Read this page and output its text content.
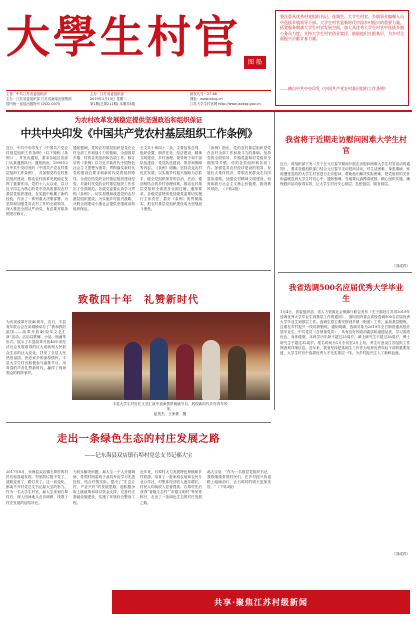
大學生村官	图 船
要注重从优秀村党组织书记、选调生、大学生村官、乡镇事业编制人员中选拔乡镇领导干部。大学生村官是新时代中国乡村振兴的重要力量。拓宽服务期满大学生村官发展空间，加大从优秀大学生村官中选拔乡镇公务员力度，支持大学生村官创业富民，鼓励他们扎根基层，为乡村全面振兴贡献青春力量。
——摘自中共中央印发《中国共产党农村基层组织工作条例》
主管：中共江苏省委组织部
主办：江苏省委组织部 江苏省新闻出版集团
国内统一连续出版物号 CN32-0070
主办：江苏省委组织部
2019年1月15日 星期二
第1期(总第211期) 本期共4版
邮发代号：27-68
网址：www.xdcg.cn
江苏大学生村官网 http://www.jsdxsg.gov.cn
为农村改革发展稳定提供坚强政治和组织保证
中共中央印发《中国共产党农村基层组织工作条例》
近日，中共中央印发了《中国共产党农村基层组织工作条例》（以下简称《条例》），并发出通知，要求各地区各部门认真遵照执行。通知指出，1999年2月中共中央印发的《中国共产党农村基层组织工作条例》，对加强党的农村基层组织建设、推动农村改革发展稳定发挥了重要作用。党的十八大以来，以习近平同志为核心的党中央高度重视农村基层党组织建设，在实践中积累了新的经验，作出了一系列重大决策部署。为坚持和加强党对农村工作的全面领导，深入推进全面从严治党，有必要对原条例进行修订。
通知强调，党的农村基层组织是党在农村全部工作和战斗力的基础，全面领导乡镇、村的各类组织和各项工作。修订后的《条例》以习近平新时代中国特色社会主义思想为指导，贯彻落实新时代党的建设总要求和新时代党的组织路线，全面总结党的农村基层组织建设经验，对新时代党的农村基层组织工作作出了全面规范。各级党委要认真学习贯彻《条例》，切实加强和改进党的农村基层组织建设，为实施乡村振兴战略、决胜全面建成小康社会提供坚强政治和组织保证。
全文共十章四十二条，主要包括总则、组织设置、职责任务、经济建设、精神文明建设、乡村治理、领导班子和干部队伍建设、党员队伍建设、领导和保障等内容。《条例》明确，坚持农业农村优先发展，以实施乡村振兴战略为总抓手，健全党组织领导的自治、法治、德治相结合的乡村治理体系，推动农村基层党组织全面进步全面过硬。通知要求，各级党委特别是县级党委要切实履行主体责任，抓好《条例》的贯彻落实，把农村基层党组织建设成为坚强战斗堡垒。
《条例》指出，党的农村基层组织是党在农村全部工作和战斗力的基础。坚持党的全面领导，乡镇党委和村党组织全面领导乡镇、村的各类组织和各项工作。加强党对农村经济建设的领导，发展壮大集体经济，带领农民群众走共同富裕道路。加强农村精神文明建设，培育和践行社会主义核心价值观，推进移风易俗。（下转2版）
我省将于近期走访慰问困难大学生村官
近日，省组织部下发《关于在元旦春节期间开展走访慰问困难大学生村官活动的通知》，要求各级组织部门结合元旦春节走访慰问活动，对生活困难、身患重病、家庭遭受变故的大学生村官进行走访慰问，帮助他们解决实际困难，把党组织的关怀和温暖送到大学生村官心中。通知强调，各地要认真摸清底数，精心组织实施，确保慰问活动取得实效，让大学生村官安心基层、扎根基层、服务基层。
（刘成祥）
致敬四十年　礼赞新时代
为庆祝改革开放40周年，近日，丰县青年联合会在凤城镇举办了“我和我的祖国——改革开放40周年文艺汇演”活动。活动以歌舞、小品、朗诵等形式，展示了丰县改革开放40年来经济社会发展取得的巨大成就和人民群众生活的巨大变化，抒发了全县人民热爱祖国、热爱家乡的深厚情怀。丰县大学生村官积极参与编排节目，用青春的声音礼赞新时代，赢得了现场观众的阵阵掌声。
丰县大学生村官在文艺汇演中表演情景朗诵节目，展现新时代乡村青年风采。
赵英杰　王家豪　摄
我省选调500名应届优秀大学毕业生
1月4日，省委组织部、省人力资源社会保障厅联合发布《关于做好江苏省2019年选调优秀大学毕业生到基层工作的通知》，面向国内重点高校选调500名应届优秀大学毕业生到基层工作。选调生将主要安排到乡镇（街道）工作，参加基层锻炼，注重在乡村振兴一线培养锻炼。通知明确，选调对象为2019年全日制普通高校应届毕业生，中共党员（含预备党员），具有良好的政治素质和道德品质，学习成绩优良，身体健康，本科学历年龄不超过25周岁，硕士研究生不超过28周岁，博士研究生不超过32周岁。报名时间为1月中旬至2月上旬，考生可登录江苏组织工作网查询详细信息。近年来，我省坚持把选调生工作作为培养优秀年轻干部的重要渠道，大学生村官中选拔优秀人才充实基层一线，为乡村振兴注入了新鲜血液。
（刘成祥）
走出一条绿色生态的村庄发展之路
——记东海县双店镇石埠村党总支书记郝大宝
2017年8月，东海县双店镇石埠村的村民们惊喜地发现，村里的垃圾不见了，道路变宽了，路灯亮了。这一切变化，都离不开村党总支书记郝大宝的努力。作为一名大学生村官，郝大宝来到石埠村后，深入田间地头走访调研，找准了村庄发展的症结所在。
为切实解决问题，郝大宝一个人开展调研，带领村两委班子成员外出学习先进经验，结合村情实际，提出了“生态立村、产业兴村”的发展思路。他积极争取上级政策和项目资金支持，完善村庄基础设施建设，实施了环境综合整治工程。
近年来，石埠村大力发展特色种植和乡村旅游，培育了一批家庭农场和农民专业合作社，村集体经济收入逐年增长，村民人均纯收入显著提高。石埠村先后获得“省级生态村”“市级文明村”等荣誉称号，走出了一条绿色生态的村庄发展之路。
郝大宝说：“作为一名基层党组织书记，我将继续带领村民们，在乡村振兴的道路上砥砺前行，让石埠村的明天更加美好。”（下转3版）
共享·聚焦江苏村级新闻
